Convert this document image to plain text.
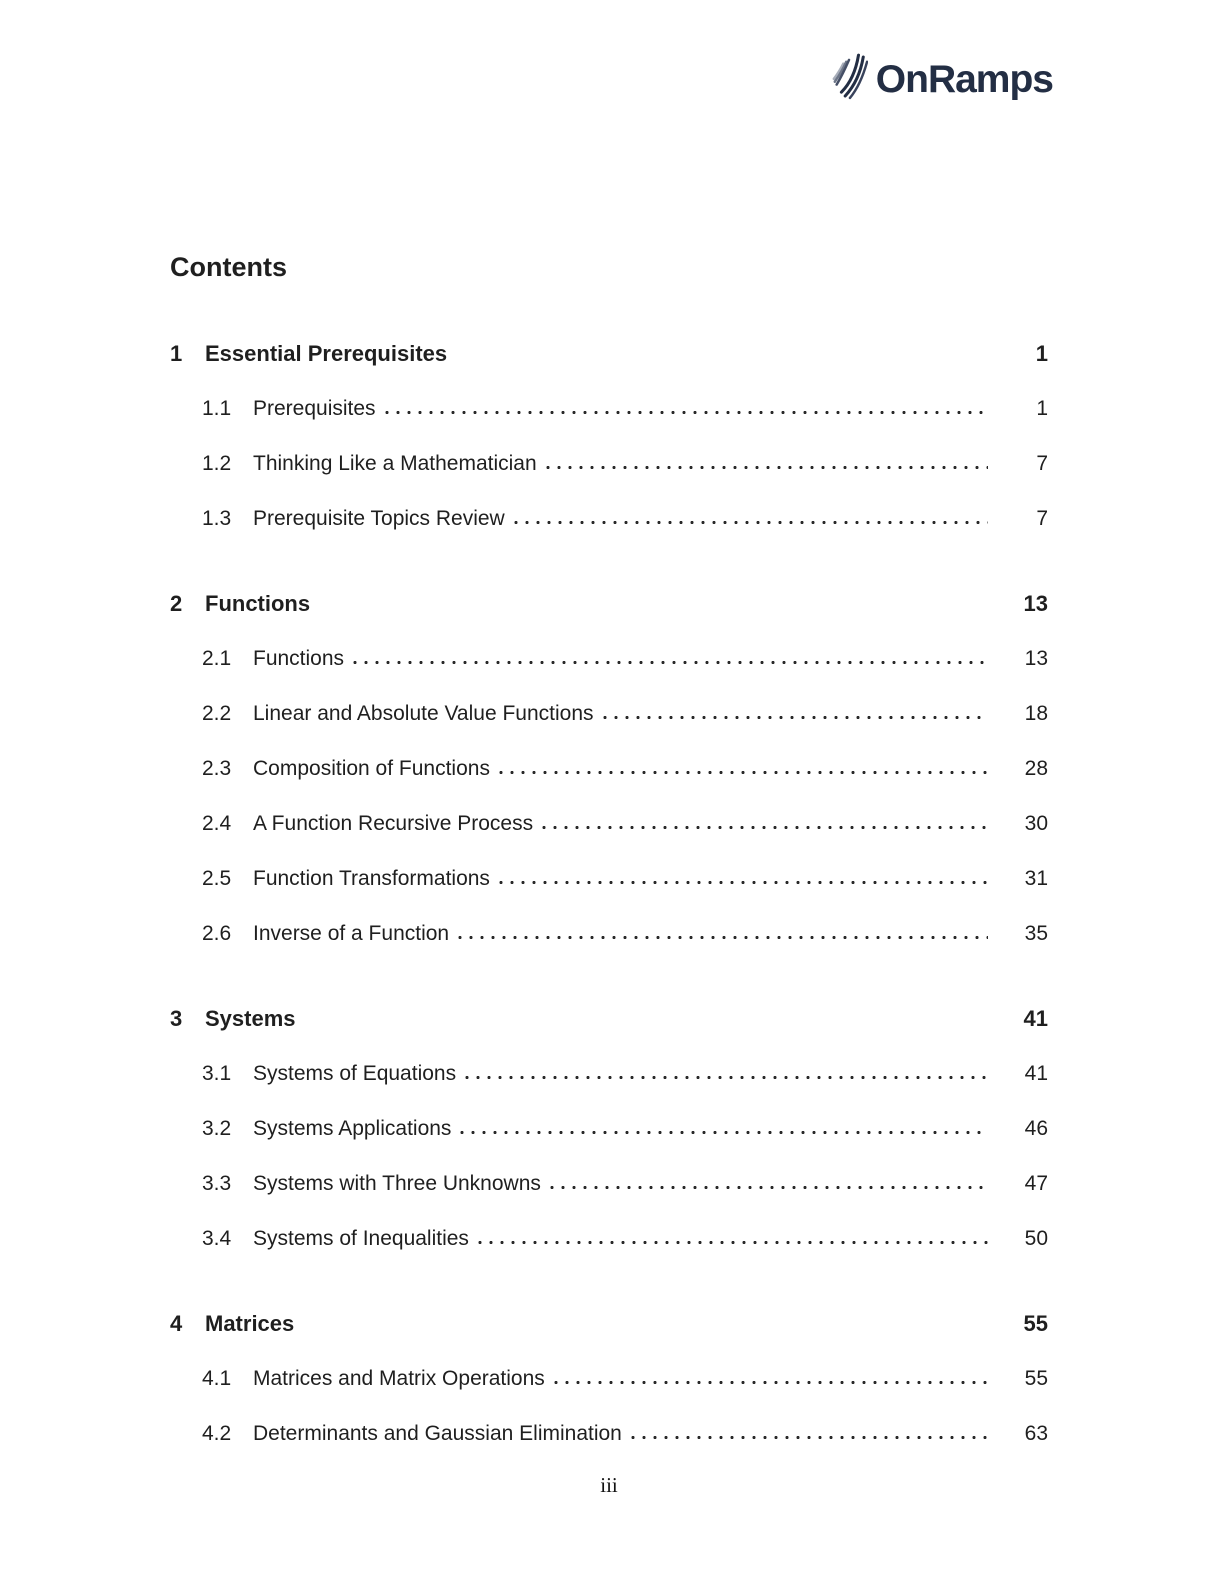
OnRamps
Contents
1	Essential Prerequisites	1
1.1	Prerequisites	1
1.2	Thinking Like a Mathematician	7
1.3	Prerequisite Topics Review	7
2	Functions	13
2.1	Functions	13
2.2	Linear and Absolute Value Functions	18
2.3	Composition of Functions	28
2.4	A Function Recursive Process	30
2.5	Function Transformations	31
2.6	Inverse of a Function	35
3	Systems	41
3.1	Systems of Equations	41
3.2	Systems Applications	46
3.3	Systems with Three Unknowns	47
3.4	Systems of Inequalities	50
4	Matrices	55
4.1	Matrices and Matrix Operations	55
4.2	Determinants and Gaussian Elimination	63
iii
